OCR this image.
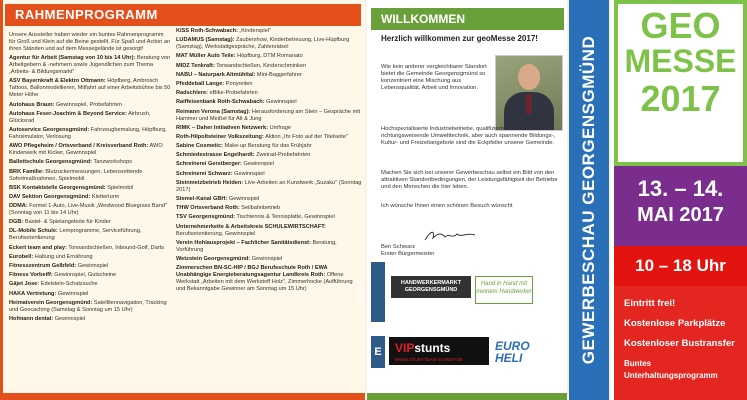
RAHMENPROGRAMM
Unsere Aussteller haben wieder ein buntes Rahmenprogramm für Groß und Klein auf die Beine gestellt. Für Spaß und Action an ihren Ständen und auf dem Messegelände ist gesorgt!
Agentur für Arbeit (Samstag von 10 bis 14 Uhr): Beratung von Arbeitgebern & -nehmern sowie Jugendlichen zum Thema „Arbeits- & Bildungsmarkt"
ASV Bayernkraft & Elektro Ottmann: Höpfberg, Ambrosch Tattoos, Ballonmodellieren, Mitfahrt auf einer Arbeitsbühne bis 50 Meter Höhe
Autohaus Braun: Gewinnspiel, Probefahrten
Autohaus Feser-Joachim & Beyond Service: Airbrush, Glücksrad
Autoservice Georgensgmünd: Fahrzeugbemalung, Höpfburg, Fahrsimulator, Verlosung
AWO Pflegeheim / Ortsverband / Kreisverband Roth: AWO Kinderwerk mit Kicker, Gewinnspiel
Ballettschule Georgensgmünd: Tanzworkshops
BRK Familie: Blutzuckermessungen, Lebensrettende Sofortmaßnahmen, Spielmobil
BSK Kontaktstelle Georgensgmünd: Spielmobil
DAV Sektion Georgensgmünd: Kletterturm
DDMA: Formel 1-Auto, Live-Musik „Westwood Bluegrass Band" (Sonntag von 11 bis 14 Uhr)
DGB: Bastel- & Spielangebote für Kinder
DL-Mobile Schule: Lernprogramme, Serviceführung, Berufsorientierung
Eckert team and play: Torwandschießen, Inbound-Golf, Darts
Eurobell: Haltung und Ernährung
Fitnesszentrum Gelbfeld: Gewinnspiel
Fitness Vorbeiff: Gewinnspiel, Gutscheine
Gäjet Jose: Edelstein-Schatzsuche
HAKA Vertretung: Gewinnspiel
Heimatverein Georgensgmünd: Satellitennavigation, Tracking und Geocaching (Samstag & Sonntag um 15 Uhr)
Hofmann dental: Gewinnspiel
KISS Roth-Schwabach: „Kinderspiel"
LUDAMUS (Samstag): Zaubershow, Kinderbetreuung, Live-Hüpfburg (Samstag), Werkstattgespräche, Zahlenrätsel
MAT Müller Auto Teile: Höpfburg, DTM Romanato
MIDZ Tenkraft: Torwandschießen, Kinderschminken
NABU – Naturpark Altmühltal: Mini-Baggerfahrer
Pfeddeball Lange: Ponyreiten
Radschlere: eBike-Probefahrten
Raiffeisenbank Roth-Schwabach: Gewinnspiel
Reimann Verona (Samstag): Herausforderung am Stein – Gespräche mit Hammer und Meißel für Alt & Jung
RIMK – Daher Initiativen Netzwerk: Umfrage
Roth-Hilpoltsteiner Volkszeitung: Aktion „Ihr Foto auf der Titelseite"
Sabine Cosmetic: Make-up Beratung für das Frühjahr
Schmiedestrasse Engelhardt: Zweirad-Probefahrten
Schreinerei Gerstberger: Gewinnspiel
Schreinerei Schwarz: Gewinnspiel
Steinmetzbetrieb Heiden: Live-Arbeiten an Kunstwerk „Suzaku" (Sonntag 2017)
Stemel-Kanal GBH: Gewinnspiel
THW Ortsverband Roth: Seilbahnbetrieb
TSV Georgensgmünd: Tischtennis & Tennisplatte, Gewinnspiel
Unternehmerkette & Arbeitskreis SCHULEWIRTSCHAFT: Berufsorientierung, Gewinnspiel
Verein Hohlausprojekt – Fachlicher Sanitätsdienst: Beratung, Vorführung
Wetzstein Georgensgmünd: Gewinnspiel
Zimmerschen BN-SC-HIP / BGJ Berufsschule Roth / EWA Unabhängige Energieberatungsagentur Landkreis Roth: Offene Werkstatt „Arbeiten mit dem Werkstoff Holz", Zimmerhocke (Aufführung und Bekanntgabe Gewinner am Sonntag um 15 Uhr)
WILLKOMMEN
Herzlich willkommen zur geoMesse 2017!
Wie kein anderer vergleichbarer Standort bietet die Gemeinde Georgensgmünd so konzentriert eine Mischung aus Lebensqualität, Arbeit und Innovation.
Hochspezialisierte Industriebetriebe, qualifiziertes Handwerk und richtungsweisende Umwelttechnik, aber auch spannende Bildungs-, Kultur- und Freizeitangebote sind die Eckpfeiler unserer Gemeinde.
Machen Sie sich bei unserer Gewerbeschau selbst ein Bild von den attraktiven Standortbedingungen, der Leistungsfähigkeit der Betriebe und den Menschen die hier leben.
Ich wünsche Ihnen einen schönen Besuch wünscht
Ben Schwarz
Erster Bürgermeister
HALLE	HANDWERKERMARKT GEORGENSGMÜND
Hand in Hand mit meinem Handwerker
E	VIPstunts
WWW.STUNTTEAM-SCHEFF.DE
EURO
HELI	GEWERBESCHAU GEORGENSGMÜND
GEO
MESSE
2017
13. – 14.
MAI 2017
10 – 18 Uhr
Eintritt frei!
Kostenlose Parkplätze
Kostenloser Bustransfer
Buntes Unterhaltungsprogramm
